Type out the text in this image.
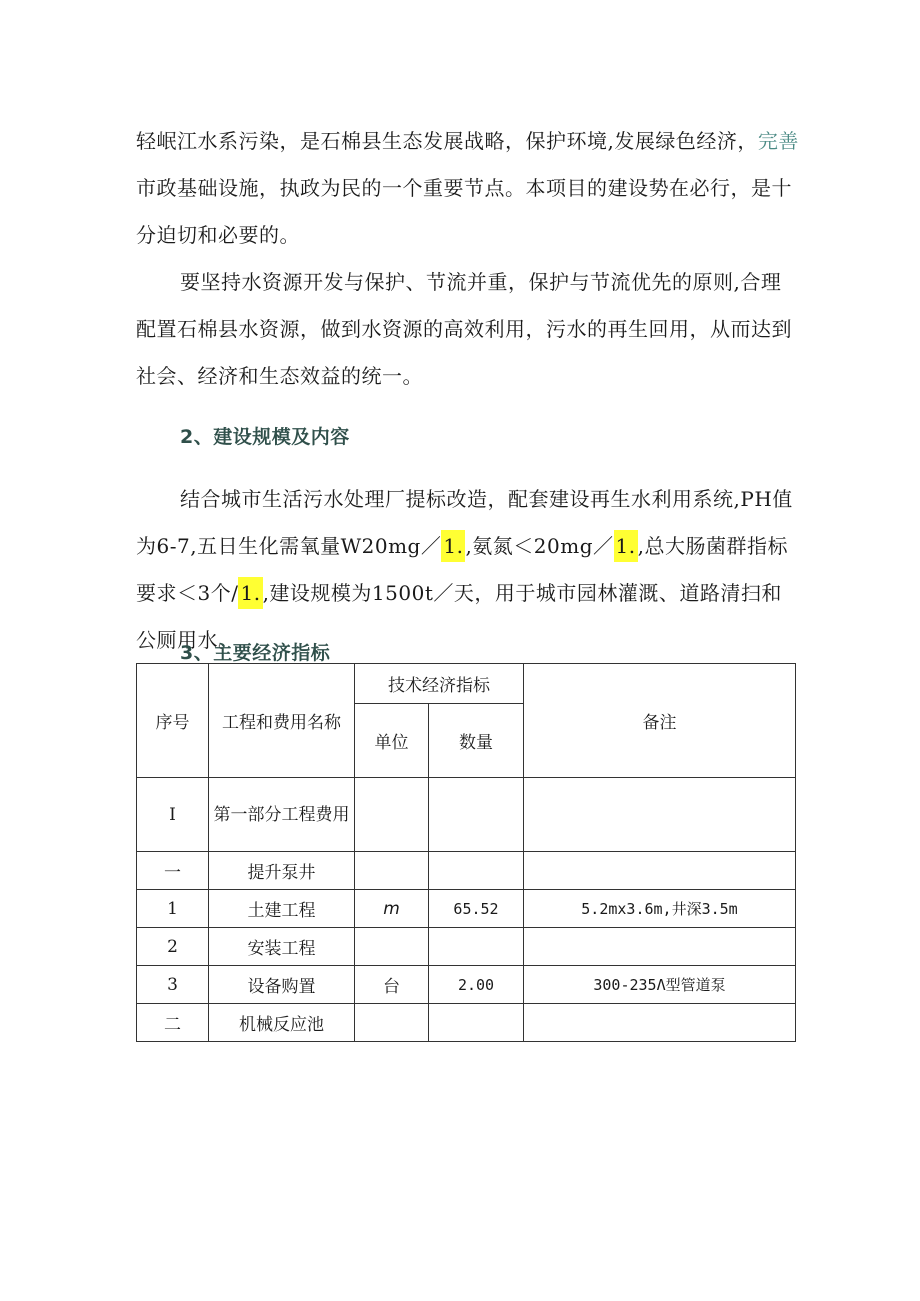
轻岷江水系污染，是石棉县生态发展战略，保护环境,发展绿色经济，完善市政基础设施，执政为民的一个重要节点。本项目的建设势在必行，是十分迫切和必要的。

要坚持水资源开发与保护、节流并重，保护与节流优先的原则,合理配置石棉县水资源，做到水资源的高效利用，污水的再生回用，从而达到社会、经济和生态效益的统一。

2、建设规模及内容

结合城市生活污水处理厂提标改造，配套建设再生水利用系统,PH值为6-7,五日生化需氧量W20mg／ 1. ,氨氮＜20mg／ 1. ,总大肠菌群指标要求＜3个/ 1. ,建设规模为1500t／天，用于城市园林灌溉、道路清扫和公厕用水。

3、主要经济指标
序号	工程和费用名称	技术经济指标		备注
		单位	数量	
I	第一部分工程费用			
一	提升泵井			
1	土建工程	m	65.52	5.2mx3.6m,井深3.5m
2	安装工程			
3	设备购置	台	2.00	300-235Λ型管道泵
二	机械反应池			
